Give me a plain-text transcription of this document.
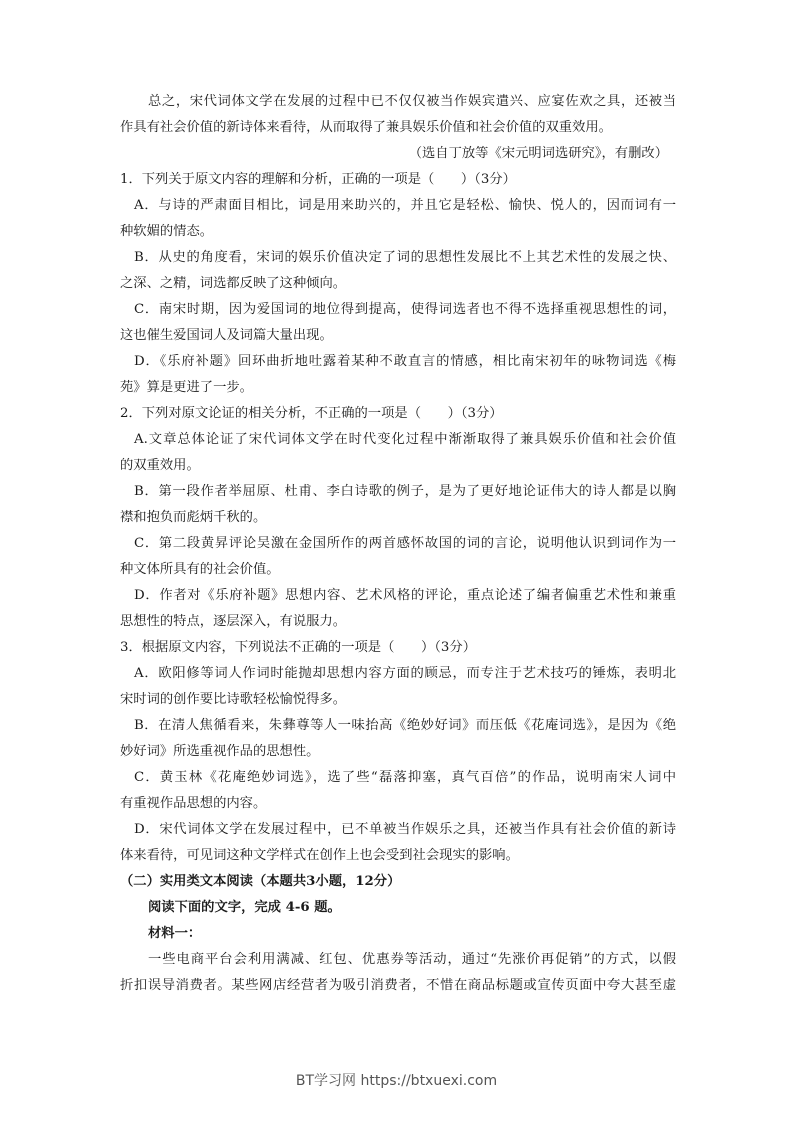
总之，宋代词体文学在发展的过程中已不仅仅被当作娱宾遣兴、应宴佐欢之具，还被当
作具有社会价值的新诗体来看待，从而取得了兼具娱乐价值和社会价值的双重效用。
（选自丁放等《宋元明词选研究》，有删改）
1．下列关于原文内容的理解和分析，正确的一项是（　　）（3分）
A．与诗的严肃面目相比，词是用来助兴的，并且它是轻松、愉快、悦人的，因而词有一
种软媚的情态。
B．从史的角度看，宋词的娱乐价值决定了词的思想性发展比不上其艺术性的发展之快、
之深、之精，词选都反映了这种倾向。
C．南宋时期，因为爱国词的地位得到提高，使得词选者也不得不选择重视思想性的词，
这也催生爱国词人及词篇大量出现。
D．《乐府补题》回环曲折地吐露着某种不敢直言的情感，相比南宋初年的咏物词选《梅
苑》算是更进了一步。
2．下列对原文论证的相关分析，不正确的一项是（　　）（3分）
A.文章总体论证了宋代词体文学在时代变化过程中渐渐取得了兼具娱乐价值和社会价值
的双重效用。
B．第一段作者举屈原、杜甫、李白诗歌的例子，是为了更好地论证伟大的诗人都是以胸
襟和抱负而彪炳千秋的。
C．第二段黄昇评论吴激在金国所作的两首感怀故国的词的言论，说明他认识到词作为一
种文体所具有的社会价值。
D．作者对《乐府补题》思想内容、艺术风格的评论，重点论述了编者偏重艺术性和兼重
思想性的特点，逐层深入，有说服力。
3．根据原文内容，下列说法不正确的一项是（　　）（3分）
A．欧阳修等词人作词时能抛却思想内容方面的顾忌，而专注于艺术技巧的锤炼，表明北
宋时词的创作要比诗歌轻松愉悦得多。
B．在清人焦循看来，朱彝尊等人一味抬高《绝妙好词》而压低《花庵词选》，是因为《绝
妙好词》所选重视作品的思想性。
C．黄玉林《花庵绝妙词选》，选了些“磊落抑塞，真气百倍”的作品，说明南宋人词中
有重视作品思想的内容。
D．宋代词体文学在发展过程中，已不单被当作娱乐之具，还被当作具有社会价值的新诗
体来看待，可见词这种文学样式在创作上也会受到社会现实的影响。
（二）实用类文本阅读（本题共3小题，12分）
阅读下面的文字，完成 4-6 题。
材料一：
一些电商平台会利用满减、红包、优惠券等活动，通过“先涨价再促销”的方式，以假
折扣误导消费者。某些网店经营者为吸引消费者，不惜在商品标题或宣传页面中夸大甚至虚
BT学习网 https://btxuexi.com
